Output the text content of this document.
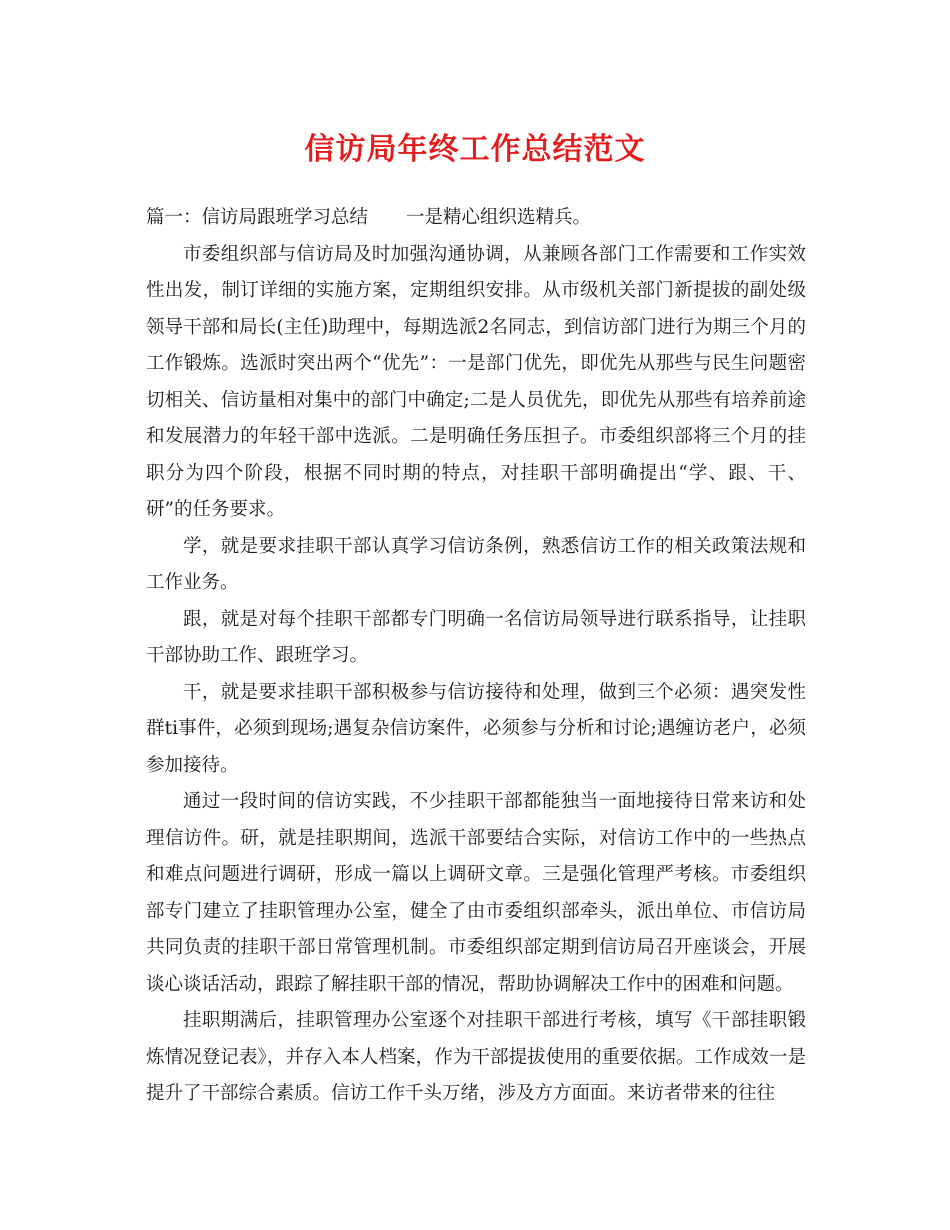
信访局年终工作总结范文

篇一：信访局跟班学习总结 一是精心组织选精兵。

市委组织部与信访局及时加强沟通协调，从兼顾各部门工作需要和工作实效性出发，制订详细的实施方案，定期组织安排。从市级机关部门新提拔的副处级领导干部和局长(主任)助理中，每期选派2名同志，到信访部门进行为期三个月的工作锻炼。选派时突出两个“优先”：一是部门优先，即优先从那些与民生问题密切相关、信访量相对集中的部门中确定;二是人员优先，即优先从那些有培养前途和发展潜力的年轻干部中选派。二是明确任务压担子。市委组织部将三个月的挂职分为四个阶段，根据不同时期的特点，对挂职干部明确提出“学、跟、干、研”的任务要求。

学，就是要求挂职干部认真学习信访条例，熟悉信访工作的相关政策法规和工作业务。

跟，就是对每个挂职干部都专门明确一名信访局领导进行联系指导，让挂职干部协助工作、跟班学习。

干，就是要求挂职干部积极参与信访接待和处理，做到三个必须：遇突发性群ti事件，必须到现场;遇复杂信访案件，必须参与分析和讨论;遇缠访老户，必须参加接待。

通过一段时间的信访实践，不少挂职干部都能独当一面地接待日常来访和处理信访件。研，就是挂职期间，选派干部要结合实际，对信访工作中的一些热点和难点问题进行调研，形成一篇以上调研文章。三是强化管理严考核。市委组织部专门建立了挂职管理办公室，健全了由市委组织部牵头，派出单位、市信访局共同负责的挂职干部日常管理机制。市委组织部定期到信访局召开座谈会，开展谈心谈话活动，跟踪了解挂职干部的情况，帮助协调解决工作中的困难和问题。

挂职期满后，挂职管理办公室逐个对挂职干部进行考核，填写《干部挂职锻炼情况登记表》，并存入本人档案，作为干部提拔使用的重要依据。工作成效一是提升了干部综合素质。信访工作千头万绪，涉及方方面面。来访者带来的往往
